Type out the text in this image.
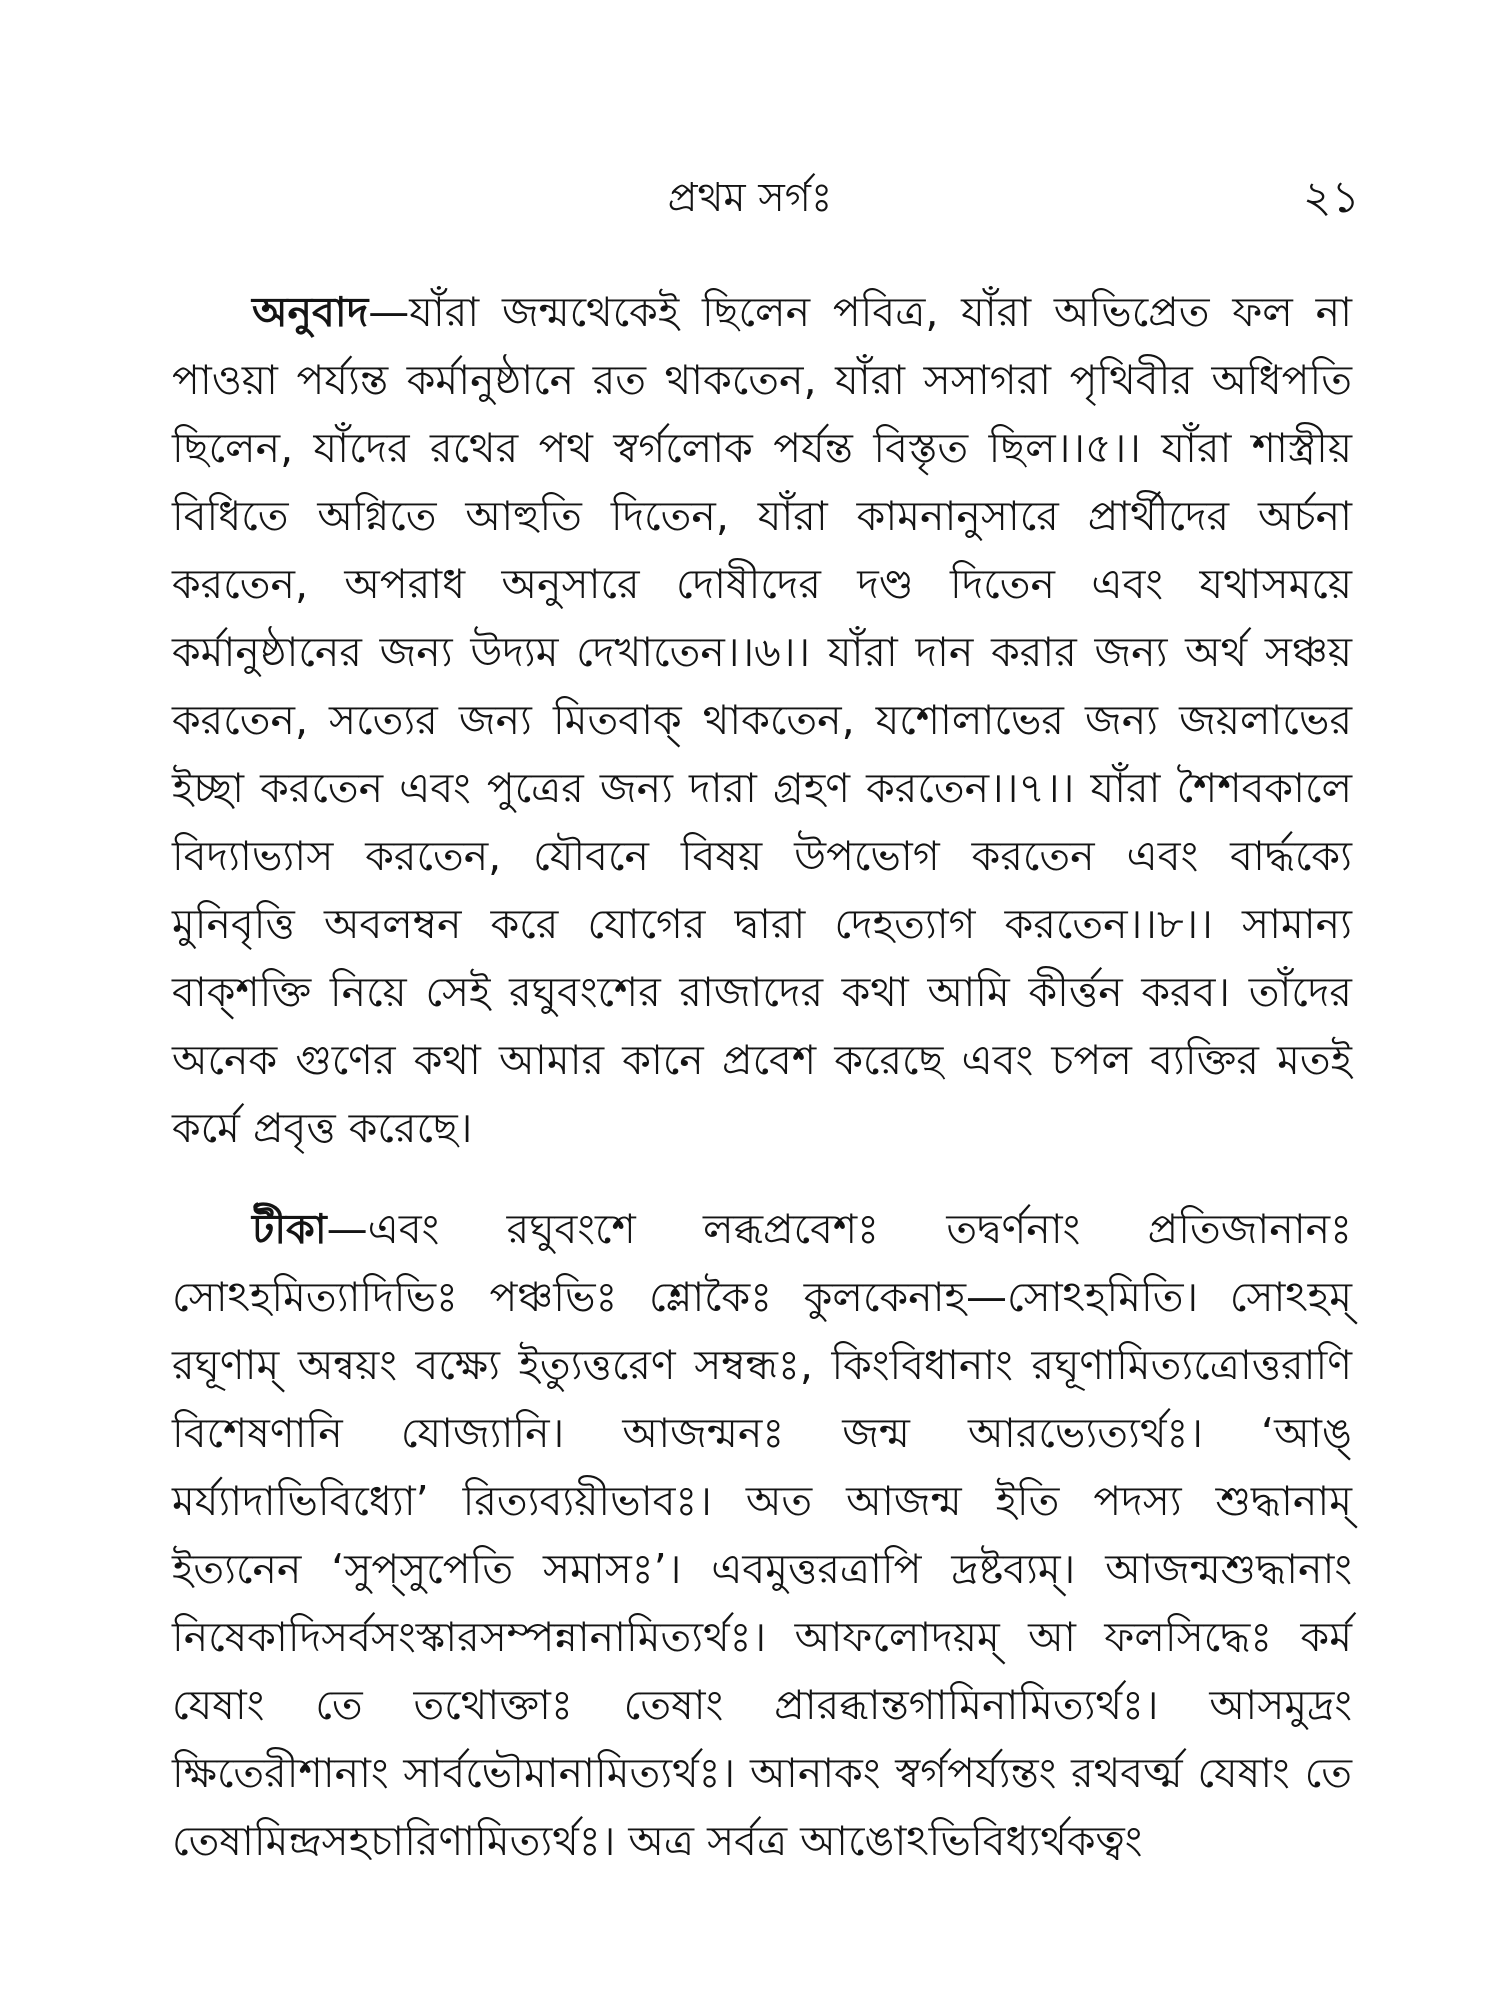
প্রথম সর্গঃ	২১

অনুবাদ—যাঁরা জন্মথেকেই ছিলেন পবিত্র, যাঁরা অভিপ্রেত ফল না পাওয়া পর্য্যন্ত কর্মানুষ্ঠানে রত থাকতেন, যাঁরা সসাগরা পৃথিবীর অধিপতি ছিলেন, যাঁদের রথের পথ স্বর্গলোক পর্যন্ত বিস্তৃত ছিল।।৫।। যাঁরা শাস্ত্রীয় বিধিতে অগ্নিতে আহুতি দিতেন, যাঁরা কামনানুসারে প্রার্থীদের অর্চনা করতেন, অপরাধ অনুসারে দোষীদের দণ্ড দিতেন এবং যথাসময়ে কর্মানুষ্ঠানের জন্য উদ্যম দেখাতেন।।৬।। যাঁরা দান করার জন্য অর্থ সঞ্চয় করতেন, সত্যের জন্য মিতবাক্ থাকতেন, যশোলাভের জন্য জয়লাভের ইচ্ছা করতেন এবং পুত্রের জন্য দারা গ্রহণ করতেন।।৭।। যাঁরা শৈশবকালে বিদ্যাভ্যাস করতেন, যৌবনে বিষয় উপভোগ করতেন এবং বার্দ্ধক্যে মুনিবৃত্তি অবলম্বন করে যোগের দ্বারা দেহত্যাগ করতেন।।৮।। সামান্য বাক্শক্তি নিয়ে সেই রঘুবংশের রাজাদের কথা আমি কীর্ত্তন করব। তাঁদের অনেক গুণের কথা আমার কানে প্রবেশ করেছে এবং চপল ব্যক্তির মতই কর্মে প্রবৃত্ত করেছে।

টীকা—এবং রঘুবংশে লব্ধপ্রবেশঃ তদ্বর্ণনাং প্রতিজানানঃ সোঽহমিত্যাদিভিঃ পঞ্চভিঃ শ্লোকৈঃ কুলকেনাহ—সোঽহমিতি। সোঽহম্ রঘূণাম্ অন্বয়ং বক্ষ্যে ইত্যুত্তরেণ সম্বন্ধঃ, কিংবিধানাং রঘূণামিত্যত্রোত্তরাণি বিশেষণানি যোজ্যানি। আজন্মনঃ জন্ম আরভ্যেত্যর্থঃ। ‘আঙ্ মর্য্যাদাভিবিধ্যো’ রিত্যব্যয়ীভাবঃ। অত আজন্ম ইতি পদস্য শুদ্ধানাম্ ইত্যনেন ‘সুপ্‌সুপেতি সমাসঃ’। এবমুত্তরত্রাপি দ্রষ্টব্যম্। আজন্মশুদ্ধানাং নিষেকাদিসর্বসংস্কারসম্পন্নানামিত্যর্থঃ। আফলোদয়ম্ আ ফলসিদ্ধেঃ কর্ম যেষাং তে তথোক্তাঃ তেষাং প্রারব্ধান্তগামিনামিত্যর্থঃ। আসমুদ্রং ক্ষিতেরীশানাং সার্বভৌমানামিত্যর্থঃ। আনাকং স্বর্গপর্য্যন্তং রথবর্ত্ম যেষাং তে তেষামিন্দ্রসহচারিণামিত্যর্থঃ। অত্র সর্বত্র আঙোঽভিবিধ্যর্থকত্বং
